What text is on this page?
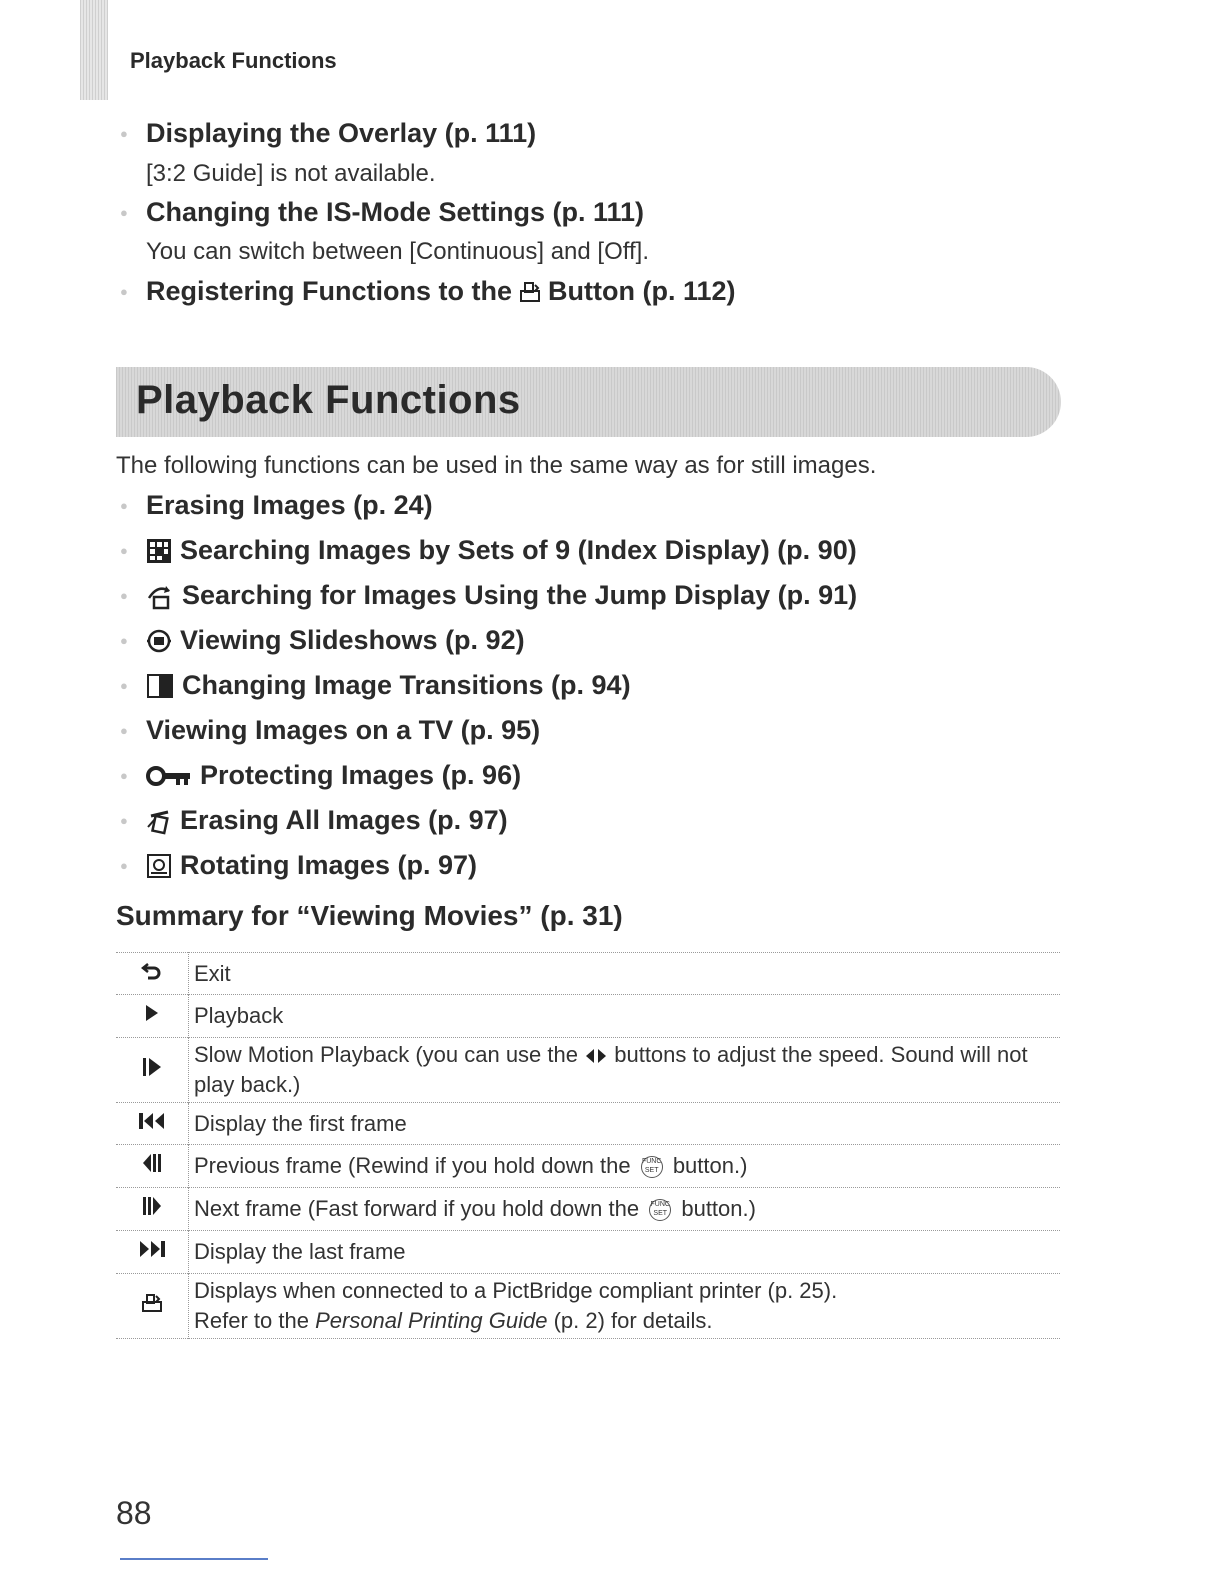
Playback Functions
● Displaying the Overlay (p. 111)
[3:2 Guide] is not available.
● Changing the IS-Mode Settings (p. 111)
You can switch between [Continuous] and [Off].
● Registering Functions to the Button (p. 112)
Playback Functions
The following functions can be used in the same way as for still images.
● Erasing Images (p. 24)
●	Searching Images by Sets of 9 (Index Display) (p. 90)
●	Searching for Images Using the Jump Display (p. 91)
●	Viewing Slideshows (p. 92)
●	Changing Image Transitions (p. 94)
● Viewing Images on a TV (p. 95)
●	Protecting Images (p. 96)
●	Erasing All Images (p. 97)
●	Rotating Images (p. 97)
Summary for “Viewing Movies” (p. 31)
	Exit
	Playback
	Slow Motion Playback (you can use the buttons to adjust the speed. Sound will not play back.)
	Display the first frame
	Previous frame (Rewind if you hold down the FUNC SET button.)
	Next frame (Fast forward if you hold down the FUNC SET button.)
	Display the last frame

Displays when connected to a PictBridge compliant printer (p. 25).
Refer to the Personal Printing Guide (p. 2) for details.
88
